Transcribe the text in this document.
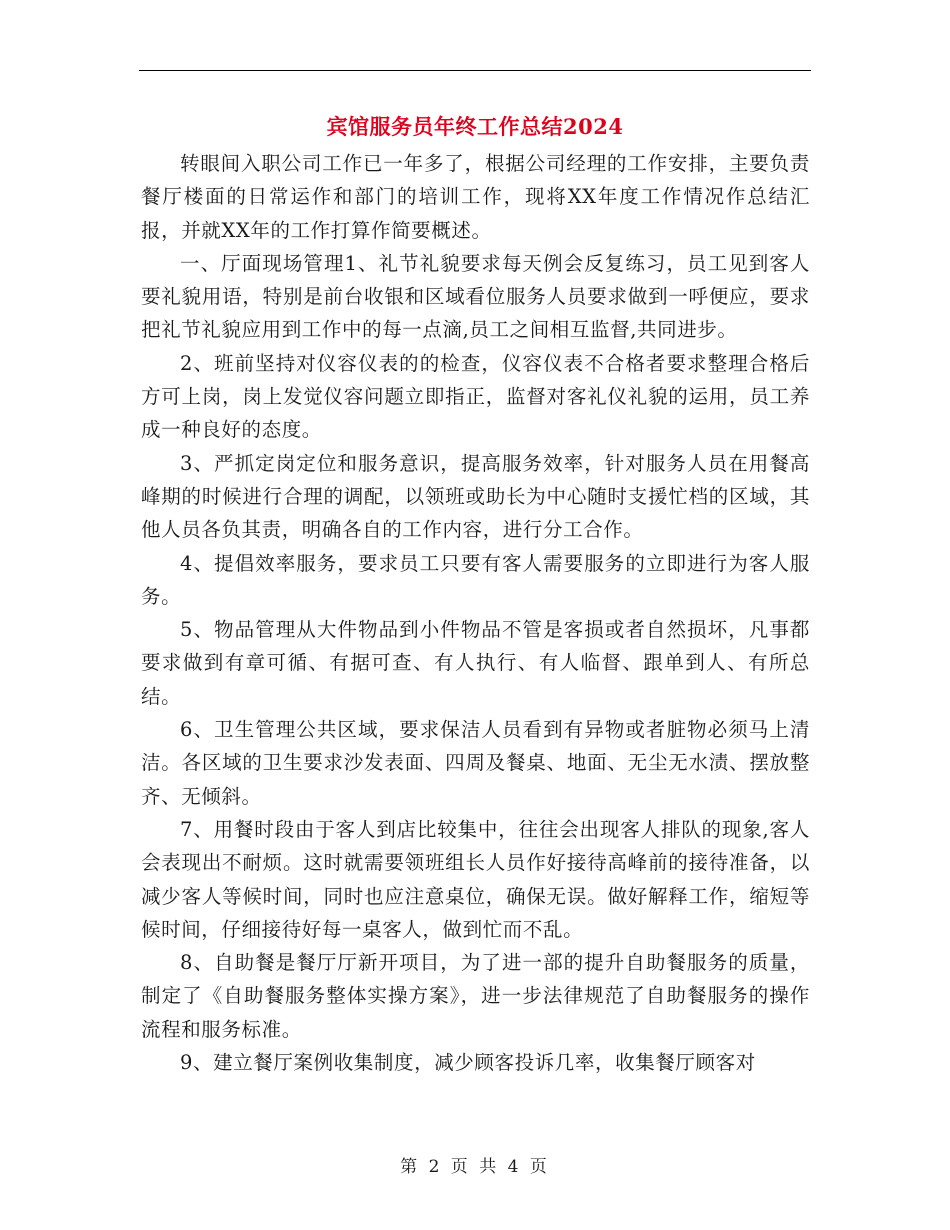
宾馆服务员年终工作总结2024

转眼间入职公司工作已一年多了，根据公司经理的工作安排，主要负责餐厅楼面的日常运作和部门的培训工作，现将XX年度工作情况作总结汇报，并就XX年的工作打算作简要概述。

一、厅面现场管理1、礼节礼貌要求每天例会反复练习，员工见到客人要礼貌用语，特别是前台收银和区域看位服务人员要求做到一呼便应，要求把礼节礼貌应用到工作中的每一点滴,员工之间相互监督,共同进步。

2、班前坚持对仪容仪表的的检查，仪容仪表不合格者要求整理合格后方可上岗，岗上发觉仪容问题立即指正，监督对客礼仪礼貌的运用，员工养成一种良好的态度。

3、严抓定岗定位和服务意识，提高服务效率，针对服务人员在用餐高峰期的时候进行合理的调配，以领班或助长为中心随时支援忙档的区域，其他人员各负其责，明确各自的工作内容，进行分工合作。

4、提倡效率服务，要求员工只要有客人需要服务的立即进行为客人服务。

5、物品管理从大件物品到小件物品不管是客损或者自然损坏，凡事都要求做到有章可循、有据可查、有人执行、有人临督、跟单到人、有所总结。

6、卫生管理公共区域，要求保洁人员看到有异物或者脏物必须马上清洁。各区域的卫生要求沙发表面、四周及餐桌、地面、无尘无水渍、摆放整齐、无倾斜。

7、用餐时段由于客人到店比较集中，往往会出现客人排队的现象,客人会表现出不耐烦。这时就需要领班组长人员作好接待高峰前的接待准备，以减少客人等候时间，同时也应注意桌位，确保无误。做好解释工作，缩短等候时间，仔细接待好每一桌客人，做到忙而不乱。

8、自助餐是餐厅厅新开项目，为了进一部的提升自助餐服务的质量，制定了《自助餐服务整体实操方案》，进一步法律规范了自助餐服务的操作流程和服务标准。

9、建立餐厅案例收集制度，减少顾客投诉几率，收集餐厅顾客对

第 2 页 共 4 页
